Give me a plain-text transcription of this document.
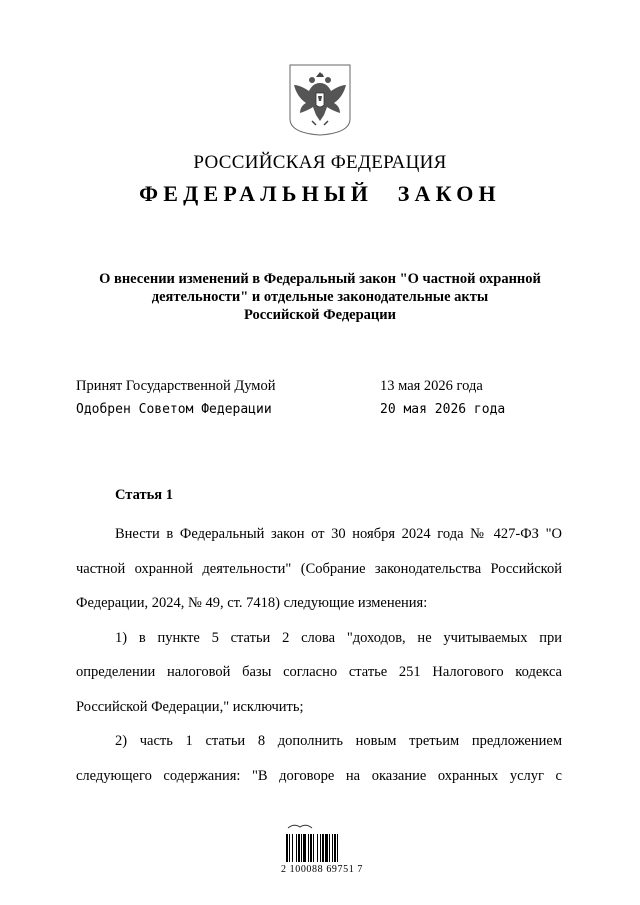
РОССИЙСКАЯ ФЕДЕРАЦИЯ
ФЕДЕРАЛЬНЫЙ ЗАКОН
О внесении изменений в Федеральный закон "О частной охранной
деятельности" и отдельные законодательные акты
Российской Федерации
Принят Государственной Думой	13 мая 2026 года
Одобрен Советом Федерации	20 мая 2026 года
Статья 1

Внести в Федеральный закон от 30 ноября 2024 года № 427-ФЗ "О частной охранной деятельности" (Собрание законодательства Российской Федерации, 2024, № 49, ст. 7418) следующие изменения:

1) в пункте 5 статьи 2 слова "доходов, не учитываемых при определении налоговой базы согласно статье 251 Налогового кодекса Российской Федерации," исключить;

2) часть 1 статьи 8 дополнить новым третьим предложением следующего содержания: "В договоре на оказание охранных услуг с

2 100088 69751 7
